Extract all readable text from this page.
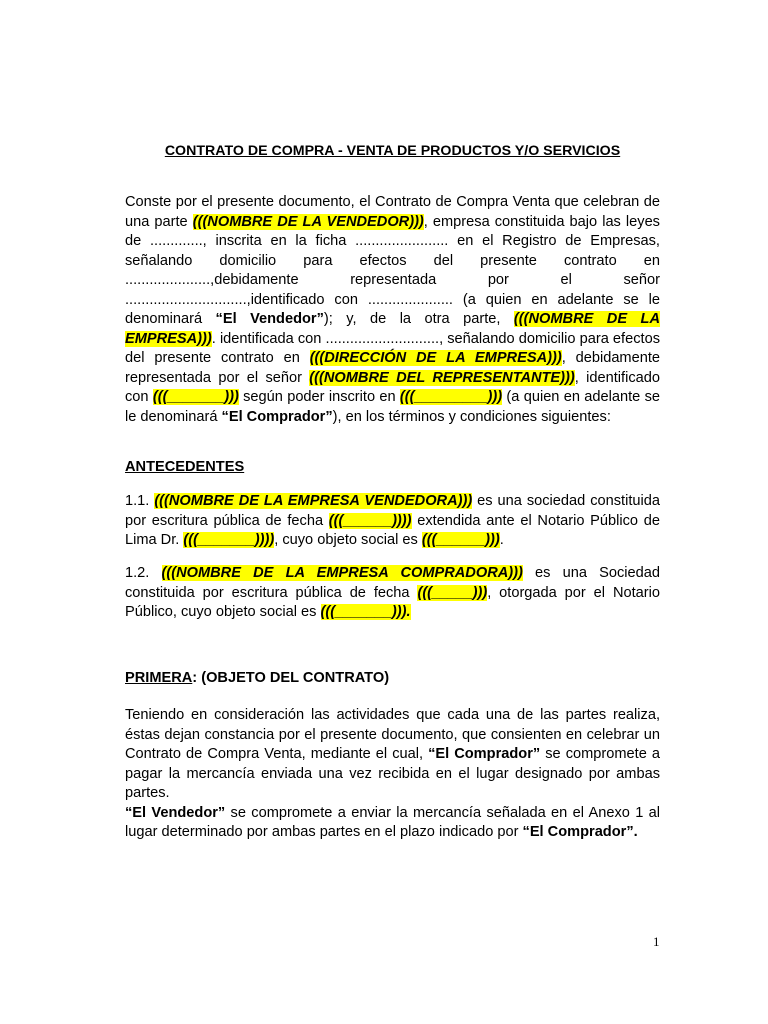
CONTRATO DE COMPRA - VENTA DE PRODUCTOS Y/O SERVICIOS

Conste por el presente documento, el Contrato de Compra Venta que celebran de una parte (((NOMBRE DE LA VENDEDOR))), empresa constituida bajo las leyes de ............., inscrita en la ficha ....................... en el Registro de Empresas, señalando domicilio para efectos del presente contrato en .....................,debidamente representada por el señor ..............................,identificado con ..................... (a quien en adelante se le denominará “El Vendedor”); y, de la otra parte, (((NOMBRE DE LA EMPRESA))). identificada con ............................, señalando domicilio para efectos del presente contrato en (((DIRECCIÓN DE LA EMPRESA))), debidamente representada por el señor (((NOMBRE DEL REPRESENTANTE))), identificado con (((_______))) según poder inscrito en (((_________))) (a quien en adelante se le denominará “El Comprador”), en los términos y condiciones siguientes:

ANTECEDENTES

1.1. (((NOMBRE DE LA EMPRESA VENDEDORA))) es una sociedad constituida por escritura pública de fecha (((______)))) extendida ante el Notario Público de Lima Dr. (((_______)))), cuyo objeto social es (((______))).

1.2. (((NOMBRE DE LA EMPRESA COMPRADORA))) es una Sociedad constituida por escritura pública de fecha (((_____))), otorgada por el Notario Público, cuyo objeto social es (((_______))).

PRIMERA: (OBJETO DEL CONTRATO)

Teniendo en consideración las actividades que cada una de las partes realiza, éstas dejan constancia por el presente documento, que consienten en celebrar un Contrato de Compra Venta, mediante el cual, “El Comprador” se compromete a pagar la mercancía enviada una vez recibida en el lugar designado por ambas partes.

“El Vendedor” se compromete a enviar la mercancía señalada en el Anexo 1 al lugar determinado por ambas partes en el plazo indicado por “El Comprador”.

1
